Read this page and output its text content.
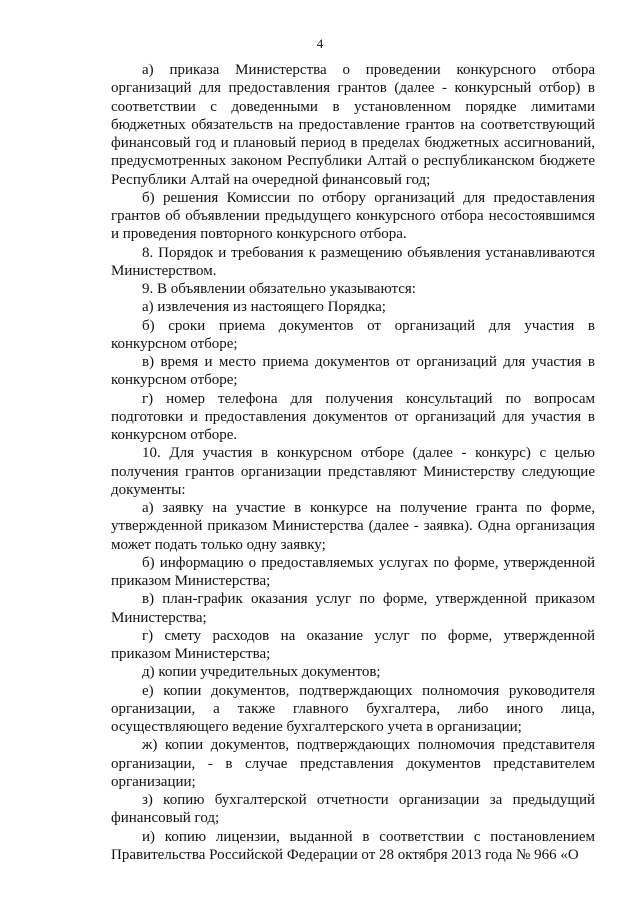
4

а) приказа Министерства о проведении конкурсного отбора организаций для предоставления грантов (далее - конкурсный отбор) в соответствии с доведенными в установленном порядке лимитами бюджетных обязательств на предоставление грантов на соответствующий финансовый год и плановый период в пределах бюджетных ассигнований, предусмотренных законом Республики Алтай о республиканском бюджете Республики Алтай на очередной финансовый год;

б) решения Комиссии по отбору организаций для предоставления грантов об объявлении предыдущего конкурсного отбора несостоявшимся и проведения повторного конкурсного отбора.

8. Порядок и требования к размещению объявления устанавливаются Министерством.

9. В объявлении обязательно указываются:

а) извлечения из настоящего Порядка;

б) сроки приема документов от организаций для участия в конкурсном отборе;

в) время и место приема документов от организаций для участия в конкурсном отборе;

г) номер телефона для получения консультаций по вопросам подготовки и предоставления документов от организаций для участия в конкурсном отборе.

10. Для участия в конкурсном отборе (далее - конкурс) с целью получения грантов организации представляют Министерству следующие документы:

а) заявку на участие в конкурсе на получение гранта по форме, утвержденной приказом Министерства (далее - заявка). Одна организация может подать только одну заявку;

б) информацию о предоставляемых услугах по форме, утвержденной приказом Министерства;

в) план-график оказания услуг по форме, утвержденной приказом Министерства;

г) смету расходов на оказание услуг по форме, утвержденной приказом Министерства;

д) копии учредительных документов;

е) копии документов, подтверждающих полномочия руководителя организации, а также главного бухгалтера, либо иного лица, осуществляющего ведение бухгалтерского учета в организации;

ж) копии документов, подтверждающих полномочия представителя организации, - в случае представления документов представителем организации;

з) копию бухгалтерской отчетности организации за предыдущий финансовый год;

и) копию лицензии, выданной в соответствии с постановлением Правительства Российской Федерации от 28 октября 2013 года № 966 «О
